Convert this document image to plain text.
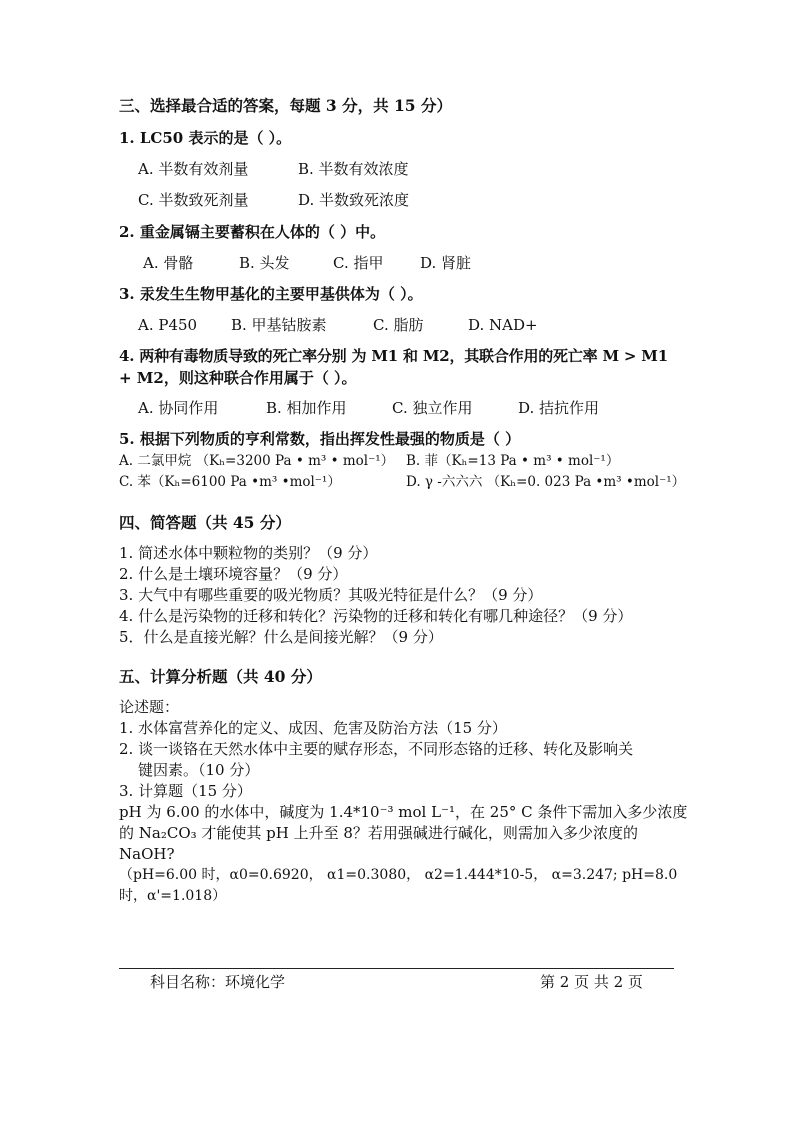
三、选择最合适的答案，每题 3 分，共 15 分）
1. LC50 表示的是（ ）。
A. 半数有效剂量	B. 半数有效浓度
C. 半数致死剂量	D. 半数致死浓度
2. 重金属镉主要蓄积在人体的（ ）中。
A. 骨骼	B. 头发	C. 指甲 D. 肾脏
3. 汞发生生物甲基化的主要甲基供体为（ ）。
A. P450 B. 甲基钴胺素	C. 脂肪	D. NAD+
4. 两种有毒物质导致的死亡率分别 为 M1 和 M2，其联合作用的死亡率 M > M1
+ M2，则这种联合作用属于（ ）。
A. 协同作用	B. 相加作用	C. 独立作用	D. 拮抗作用
5. 根据下列物质的亨利常数，指出挥发性最强的物质是（ ）
A. 二氯甲烷 （Kₕ=3200 Pa • m³ • mol⁻¹） B. 菲（Kₕ=13 Pa • m³ • mol⁻¹）
C. 苯（Kₕ=6100 Pa •m³ •mol⁻¹）	D. γ -六六六 （Kₕ=0. 023 Pa •m³ •mol⁻¹）
四、简答题（共 45 分）
1. 简述水体中颗粒物的类别？（9 分）
2. 什么是土壤环境容量？（9 分）
3. 大气中有哪些重要的吸光物质？其吸光特征是什么？（9 分）
4. 什么是污染物的迁移和转化？污染物的迁移和转化有哪几种途径？（9 分）
5．什么是直接光解？什么是间接光解？（9 分）
五、计算分析题（共 40 分）
论述题：
1. 水体富营养化的定义、成因、危害及防治方法（15 分）
2. 谈一谈铬在天然水体中主要的赋存形态，不同形态铬的迁移、转化及影响关
键因素。（10 分）
3. 计算题（15 分）
pH 为 6.00 的水体中，碱度为 1.4*10⁻³ mol L⁻¹，在 25° C 条件下需加入多少浓度
的 Na₂CO₃ 才能使其 pH 上升至 8？若用强碱进行碱化，则需加入多少浓度的
NaOH?
（pH=6.00 时，α0=0.6920， α1=0.3080， α2=1.444*10-5， α=3.247; pH=8.0
时，α'=1.018）
科目名称：环境化学	第 2 页 共 2 页
